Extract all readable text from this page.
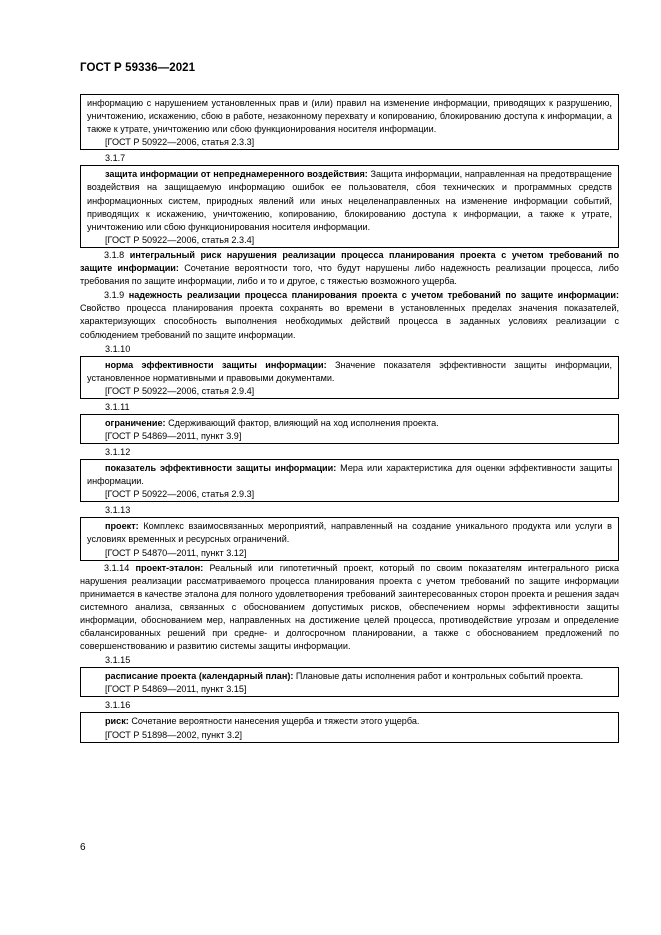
ГОСТ Р 59336—2021

информацию с нарушением установленных прав и (или) правил на изменение информации, приводящих к разрушению, уничтожению, искажению, сбою в работе, незаконному перехвату и копированию, блокированию доступа к информации, а также к утрате, уничтожению или сбою функционирования носителя информации.

[ГОСТ Р 50922—2006, статья 2.3.3]

3.1.7

защита информации от непреднамеренного воздействия: Защита информации, направленная на предотвращение воздействия на защищаемую информацию ошибок ее пользователя, сбоя технических и программных средств информационных систем, природных явлений или иных нецеленаправленных на изменение информации событий, приводящих к искажению, уничтожению, копированию, блокированию доступа к информации, а также к утрате, уничтожению или сбою функционирования носителя информации.

[ГОСТ Р 50922—2006, статья 2.3.4]

3.1.8 интегральный риск нарушения реализации процесса планирования проекта с учетом требований по защите информации: Сочетание вероятности того, что будут нарушены либо надежность реализации процесса, либо требования по защите информации, либо и то и другое, с тяжестью возможного ущерба.

3.1.9 надежность реализации процесса планирования проекта с учетом требований по защите информации: Свойство процесса планирования проекта сохранять во времени в установленных пределах значения показателей, характеризующих способность выполнения необходимых действий процесса в заданных условиях реализации с соблюдением требований по защите информации.

3.1.10

норма эффективности защиты информации: Значение показателя эффективности защиты информации, установленное нормативными и правовыми документами.

[ГОСТ Р 50922—2006, статья 2.9.4]

3.1.11

ограничение: Сдерживающий фактор, влияющий на ход исполнения проекта.

[ГОСТ Р 54869—2011, пункт 3.9]

3.1.12

показатель эффективности защиты информации: Мера или характеристика для оценки эффективности защиты информации.

[ГОСТ Р 50922—2006, статья 2.9.3]

3.1.13

проект: Комплекс взаимосвязанных мероприятий, направленный на создание уникального продукта или услуги в условиях временных и ресурсных ограничений.

[ГОСТ Р 54870—2011, пункт 3.12]

3.1.14 проект-эталон: Реальный или гипотетичный проект, который по своим показателям интегрального риска нарушения реализации рассматриваемого процесса планирования проекта с учетом требований по защите информации принимается в качестве эталона для полного удовлетворения требований заинтересованных сторон проекта и решения задач системного анализа, связанных с обоснованием допустимых рисков, обеспечением нормы эффективности защиты информации, обоснованием мер, направленных на достижение целей процесса, противодействие угрозам и определение сбалансированных решений при средне- и долгосрочном планировании, а также с обоснованием предложений по совершенствованию и развитию системы защиты информации.

3.1.15

расписание проекта (календарный план): Плановые даты исполнения работ и контрольных событий проекта.

[ГОСТ Р 54869—2011, пункт 3.15]

3.1.16

риск: Сочетание вероятности нанесения ущерба и тяжести этого ущерба.

[ГОСТ Р 51898—2002, пункт 3.2]

6
